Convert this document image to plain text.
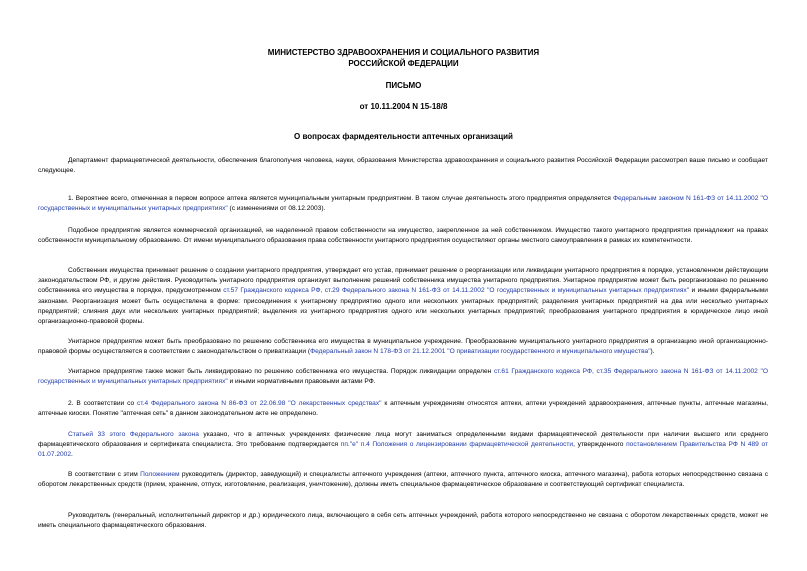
МИНИСТЕРСТВО ЗДРАВООХРАНЕНИЯ И СОЦИАЛЬНОГО РАЗВИТИЯ
РОССИЙСКОЙ ФЕДЕРАЦИИ
ПИСЬМО
от 10.11.2004 N 15-18/8
О вопросах фармдеятельности аптечных организаций

Департамент фармацевтической деятельности, обеспечения благополучия человека, науки, образования Министерства здравоохранения и социального развития Российской Федерации рассмотрел ваше письмо и сообщает следующее.

1. Вероятнее всего, отмеченная в первом вопросе аптека является муниципальным унитарным предприятием. В таком случае деятельность этого предприятия определяется Федеральным законом N 161-ФЗ от 14.11.2002 "О государственных и муниципальных унитарных предприятиях" (с изменениями от 08.12.2003).

Подобное предприятие является коммерческой организацией, не наделенной правом собственности на имущество, закрепленное за ней собственником. Имущество такого унитарного предприятия принадлежит на правах собственности муниципальному образованию. От имени муниципального образования права собственности унитарного предприятия осуществляют органы местного самоуправления в рамках их компетентности.

Собственник имущества принимает решение о создании унитарного предприятия, утверждает его устав, принимает решение о реорганизации или ликвидации унитарного предприятия в порядке, установленном действующим законодательством РФ, и другие действия. Руководитель унитарного предприятия организует выполнение решений собственника имущества унитарного предприятия. Унитарное предприятие может быть реорганизовано по решению собственника его имущества в порядке, предусмотренном ст.57 Гражданского кодекса РФ, ст.29 Федерального закона N 161-ФЗ от 14.11.2002 "О государственных и муниципальных унитарных предприятиях" и иными федеральными законами. Реорганизация может быть осуществлена в форме: присоединения к унитарному предприятию одного или нескольких унитарных предприятий; разделения унитарных предприятий на два или несколько унитарных предприятий; слияния двух или нескольких унитарных предприятий; выделения из унитарного предприятия одного или нескольких унитарных предприятий; преобразования унитарного предприятия в юридическое лицо иной организационно-правовой формы.

Унитарное предприятие может быть преобразовано по решению собственника его имущества в муниципальное учреждение. Преобразование муниципального унитарного предприятия в организацию иной организационно-правовой формы осуществляется в соответствии с законодательством о приватизации (Федеральный закон N 178-ФЗ от 21.12.2001 "О приватизации государственного и муниципального имущества").

Унитарное предприятие также может быть ликвидировано по решению собственника его имущества. Порядок ликвидации определен ст.61 Гражданского кодекса РФ, ст.35 Федерального закона N 161-ФЗ от 14.11.2002 "О государственных и муниципальных унитарных предприятиях" и иными нормативными правовыми актами РФ.

2. В соответствии со ст.4 Федерального закона N 86-ФЗ от 22.06.98 "О лекарственных средствах" к аптечным учреждениям относятся аптеки, аптеки учреждений здравоохранения, аптечные пункты, аптечные магазины, аптечные киоски. Понятие "аптечная сеть" в данном законодательном акте не определено.

Статьей 33 этого Федерального закона указано, что в аптечных учреждениях физические лица могут заниматься определенными видами фармацевтической деятельности при наличии высшего или среднего фармацевтического образования и сертификата специалиста. Это требование подтверждается пп."е" п.4 Положения о лицензировании фармацевтической деятельности, утвержденного постановлением Правительства РФ N 489 от 01.07.2002.

В соответствии с этим Положением руководитель (директор, заведующий) и специалисты аптечного учреждения (аптеки, аптечного пункта, аптечного киоска, аптечного магазина), работа которых непосредственно связана с оборотом лекарственных средств (прием, хранение, отпуск, изготовление, реализация, уничтожение), должны иметь специальное фармацевтическое образование и соответствующий сертификат специалиста.

Руководитель (генеральный, исполнительный директор и др.) юридического лица, включающего в себя сеть аптечных учреждений, работа которого непосредственно не связана с оборотом лекарственных средств, может не иметь специального фармацевтического образования.
